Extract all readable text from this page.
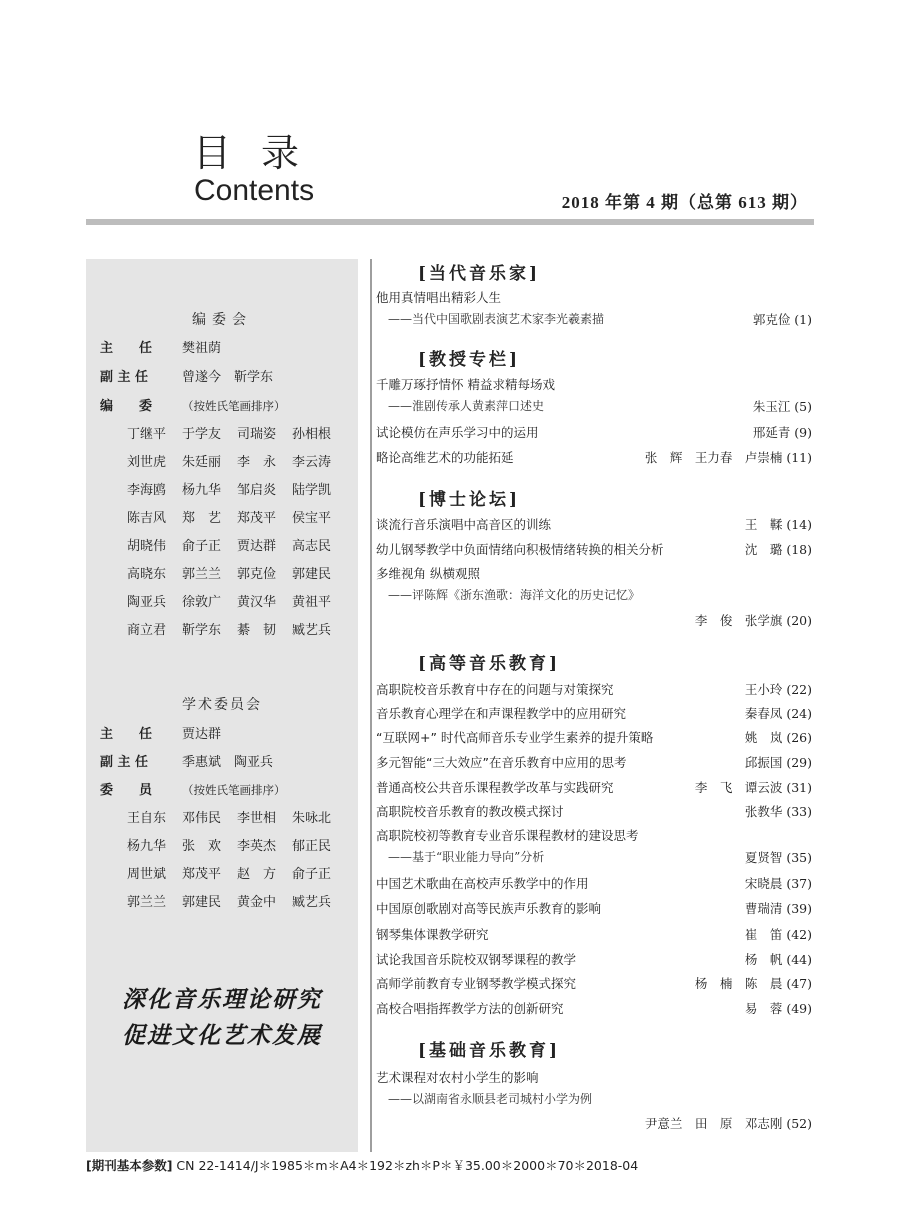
目录
Contents	2018 年第 4 期（总第 613 期）
编委会
主　　任 樊祖荫
副 主 任	曾遂今　靳学东
编　　委	（按姓氏笔画排序）
丁继平 于学友 司瑞姿 孙相根
刘世虎 朱廷丽 李　永 李云涛
李海鸥 杨九华 邹启炎 陆学凯
陈吉风 郑　艺 郑茂平 侯宝平
胡晓伟 俞子正 贾达群 高志民
高晓东 郭兰兰 郭克俭 郭建民
陶亚兵 徐敦广 黄汉华 黄祖平
商立君 靳学东 綦　韧 臧艺兵
学术委员会
主　　任 贾达群
副 主 任	季惠斌　陶亚兵
委　　员	（按姓氏笔画排序）
王自东 邓伟民 李世相 朱咏北
杨九华 张　欢 李英杰 郁正民
周世斌 郑茂平 赵　方 俞子正
郭兰兰 郭建民 黄金中 臧艺兵
深化音乐理论研究
促进文化艺术发展
[当代音乐家]
他用真情唱出精彩人生
——当代中国歌剧表演艺术家李光羲素描	郭克俭 (1)
[教授专栏]
千雕万琢抒情怀 精益求精每场戏
——淮剧传承人黄素萍口述史	朱玉江 (5)
试论模仿在声乐学习中的运用	邢延青 (9)
略论高维艺术的功能拓延	张　辉　王力春　卢崇楠 (11)
[博士论坛]
谈流行音乐演唱中高音区的训练	王　鞣 (14)
幼儿钢琴教学中负面情绪向积极情绪转换的相关分析	沈　璐 (18)
多维视角 纵横观照
——评陈辉《浙东渔歌：海洋文化的历史记忆》
李　俊　张学旗 (20)
[高等音乐教育]
高职院校音乐教育中存在的问题与对策探究	王小玲 (22)
音乐教育心理学在和声课程教学中的应用研究	秦春凤 (24)
“互联网+” 时代高师音乐专业学生素养的提升策略	姚　岚 (26)
多元智能“三大效应”在音乐教育中应用的思考	邱振国 (29)
普通高校公共音乐课程教学改革与实践研究	李　飞　谭云波 (31)
高职院校音乐教育的教改模式探讨	张教华 (33)
高职院校初等教育专业音乐课程教材的建设思考
——基于“职业能力导向”分析	夏贤智 (35)
中国艺术歌曲在高校声乐教学中的作用	宋晓晨 (37)
中国原创歌剧对高等民族声乐教育的影响	曹瑞清 (39)
钢琴集体课教学研究	崔　笛 (42)
试论我国音乐院校双钢琴课程的教学	杨　帆 (44)
高师学前教育专业钢琴教学模式探究	杨　楠　陈　晨 (47)
高校合唱指挥教学方法的创新研究	易　蓉 (49)
[基础音乐教育]
艺术课程对农村小学生的影响
——以湖南省永顺县老司城村小学为例
尹意兰　田　原　邓志刚 (52)
[期刊基本参数] CN 22-1414/J＊1985＊m＊A4＊192＊zh＊P＊￥35.00＊2000＊70＊2018-04
